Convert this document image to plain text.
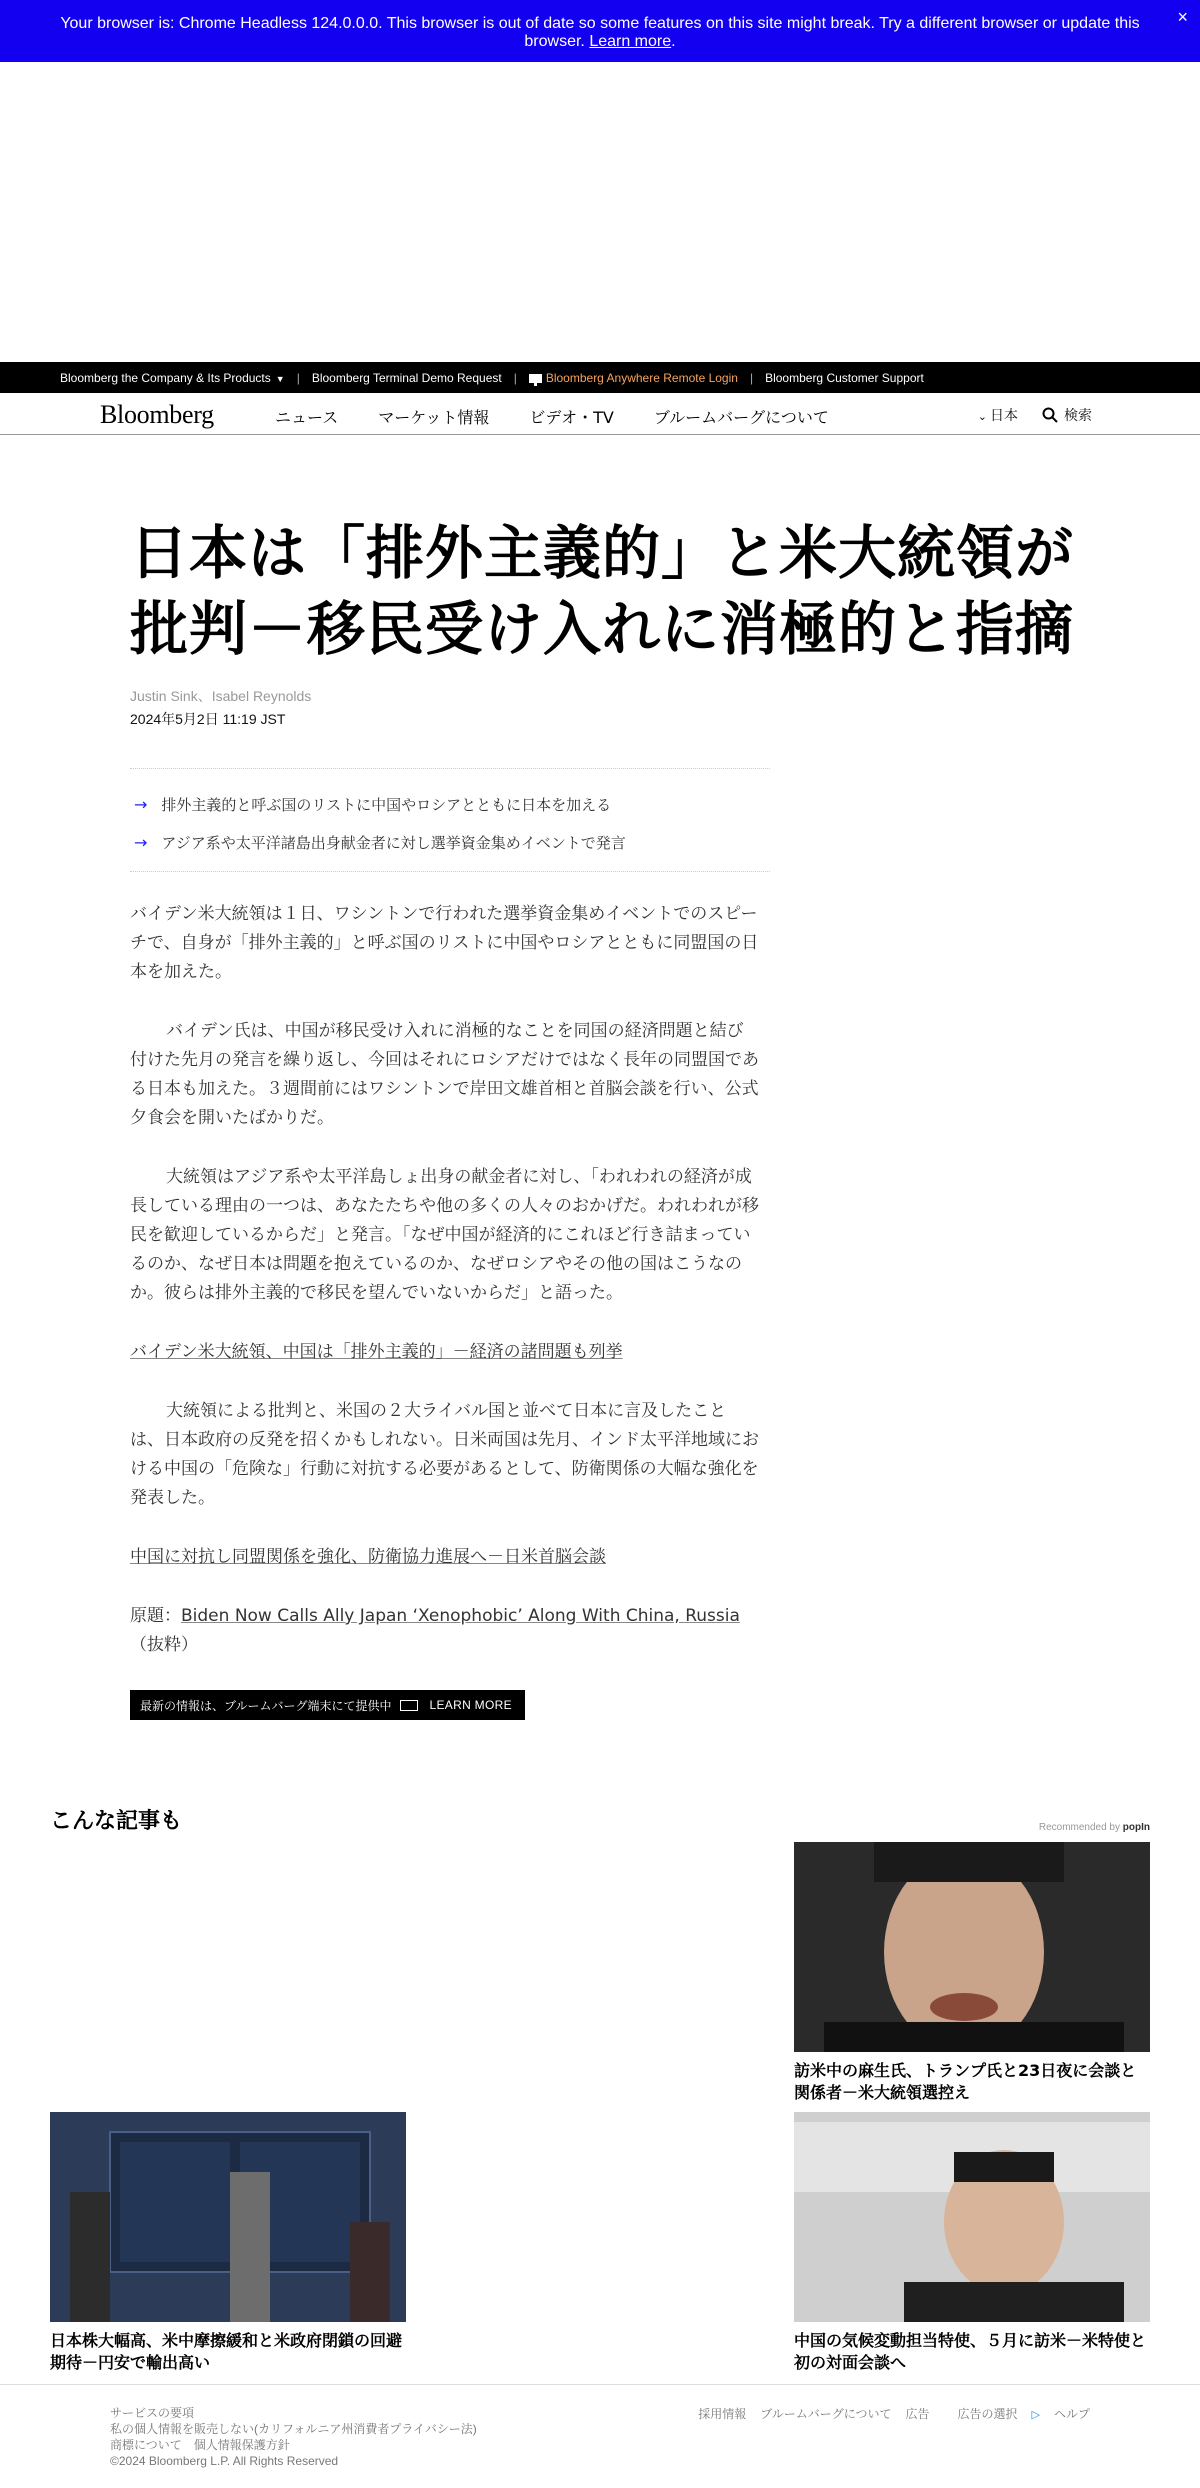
Your browser is: Chrome Headless 124.0.0.0. This browser is out of date so some features on this site might break. Try a different browser or update this browser. Learn more.
×
Bloomberg the Company & Its Products ▼ | Bloomberg Terminal Demo Request |	Bloomberg Anywhere Remote Login | Bloomberg Customer Support
Bloomberg	ニュース	マーケット情報	ビデオ・TV	ブルームバーグについて	⌄ 日本	検索
日本は「排外主義的」と米大統領が
批判－移民受け入れに消極的と指摘
Justin Sink、Isabel Reynolds
2024年5月2日 11:19 JST
→ 排外主義的と呼ぶ国のリストに中国やロシアとともに日本を加える
→ アジア系や太平洋諸島出身献金者に対し選挙資金集めイベントで発言

バイデン米大統領は１日、ワシントンで行われた選挙資金集めイベントでのスピーチで、自身が「排外主義的」と呼ぶ国のリストに中国やロシアとともに同盟国の日本を加えた。

バイデン氏は、中国が移民受け入れに消極的なことを同国の経済問題と結び付けた先月の発言を繰り返し、今回はそれにロシアだけではなく長年の同盟国である日本も加えた。３週間前にはワシントンで岸田文雄首相と首脳会談を行い、公式夕食会を開いたばかりだ。

大統領はアジア系や太平洋島しょ出身の献金者に対し、「われわれの経済が成長している理由の一つは、あなたたちや他の多くの人々のおかげだ。われわれが移民を歓迎しているからだ」と発言。「なぜ中国が経済的にこれほど行き詰まっているのか、なぜ日本は問題を抱えているのか、なぜロシアやその他の国はこうなのか。彼らは排外主義的で移民を望んでいないからだ」と語った。

バイデン米大統領、中国は「排外主義的」－経済の諸問題も列挙

大統領による批判と、米国の２大ライバル国と並べて日本に言及したことは、日本政府の反発を招くかもしれない。日米両国は先月、インド太平洋地域における中国の「危険な」行動に対抗する必要があるとして、防衛関係の大幅な強化を発表した。

中国に対抗し同盟関係を強化、防衛協力進展へ－日米首脳会談

原題：Biden Now Calls Ally Japan ‘Xenophobic’ Along With China, Russia
（抜粋）

最新の情報は、ブルームバーグ端末にて提供中	LEARN MORE
こんな記事も	Recommended by popIn
訪米中の麻生氏、トランプ氏と23日夜に会談と関係者－米大統領選控え
日本株大幅高、米中摩擦緩和と米政府閉鎖の回避期待－円安で輸出高い
中国の気候変動担当特使、５月に訪米－米特使と初の対面会談へ
サービスの要項
私の個人情報を販売しない(カリフォルニア州消費者プライバシー法)
商標について　個人情報保護方針
©2024 Bloomberg L.P. All Rights Reserved
採用情報 ブルームバーグについて 広告	広告の選択 ▷ ヘルプ
